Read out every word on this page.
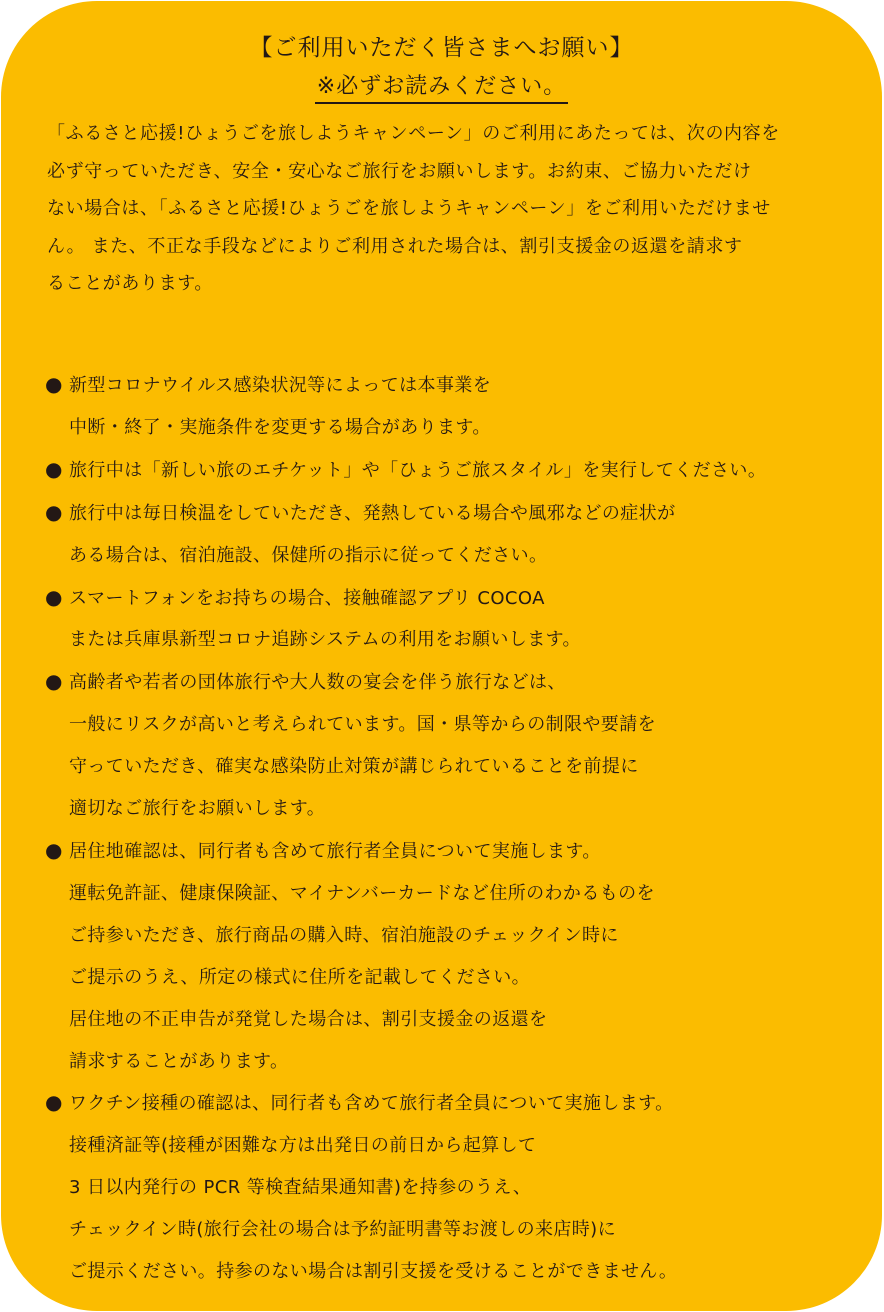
【ご利用いただく皆さまへお願い】
※必ずお読みください。
「ふるさと応援!ひょうごを旅しようキャンペーン」のご利用にあたっては、次の内容を
必ず守っていただき、安全・安心なご旅行をお願いします。お約束、ご協力いただけ
ない場合は、「ふるさと応援!ひょうごを旅しようキャンペーン」をご利用いただけませ
ん。 また、不正な手段などによりご利用された場合は、割引支援金の返還を請求す
ることがあります。
● 新型コロナウイルス感染状況等によっては本事業を
中断・終了・実施条件を変更する場合があります。
● 旅行中は「新しい旅のエチケット」や「ひょうご旅スタイル」を実行してください。
● 旅行中は毎日検温をしていただき、発熱している場合や風邪などの症状が
ある場合は、宿泊施設、保健所の指示に従ってください。
● スマートフォンをお持ちの場合、接触確認アプリ COCOA
または兵庫県新型コロナ追跡システムの利用をお願いします。
● 高齢者や若者の団体旅行や大人数の宴会を伴う旅行などは、
一般にリスクが高いと考えられています。国・県等からの制限や要請を
守っていただき、確実な感染防止対策が講じられていることを前提に
適切なご旅行をお願いします。
● 居住地確認は、同行者も含めて旅行者全員について実施します。
運転免許証、健康保険証、マイナンバーカードなど住所のわかるものを
ご持参いただき、旅行商品の購入時、宿泊施設のチェックイン時に
ご提示のうえ、所定の様式に住所を記載してください。
居住地の不正申告が発覚した場合は、割引支援金の返還を
請求することがあります。
● ワクチン接種の確認は、同行者も含めて旅行者全員について実施します。
接種済証等(接種が困難な方は出発日の前日から起算して
3 日以内発行の PCR 等検査結果通知書)を持参のうえ、
チェックイン時(旅行会社の場合は予約証明書等お渡しの来店時)に
ご提示ください。持参のない場合は割引支援を受けることができません。
